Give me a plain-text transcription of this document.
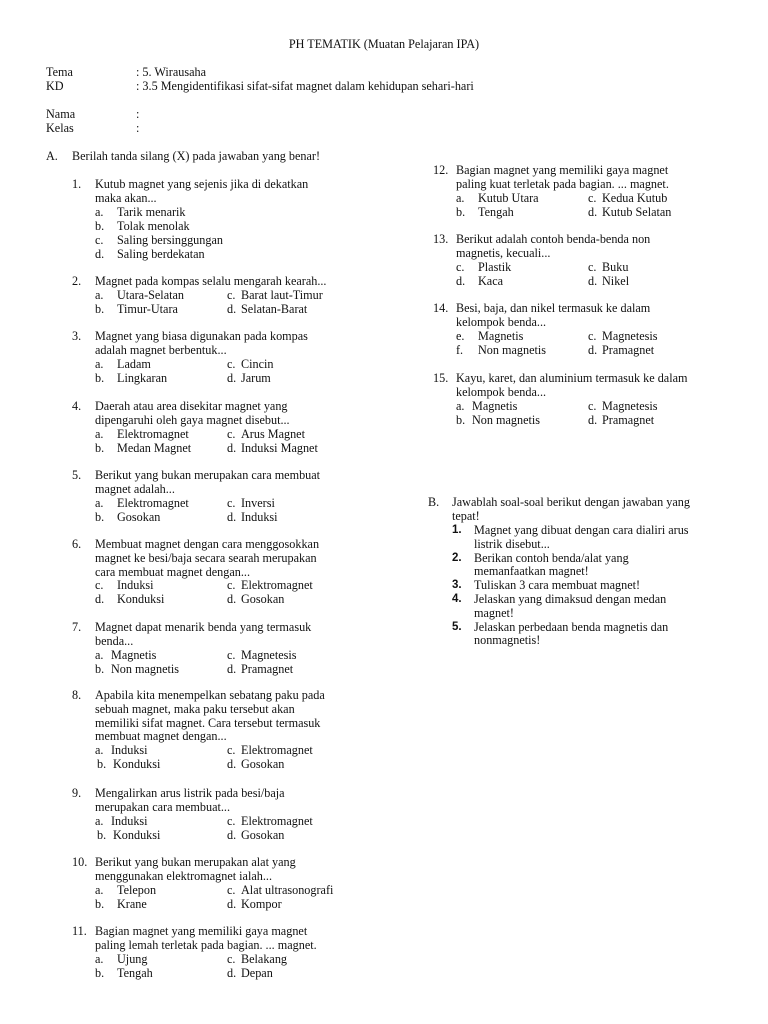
PH TEMATIK (Muatan Pelajaran IPA)
Tema	: 5. Wirausaha
KD	: 3.5 Mengidentifikasi sifat-sifat magnet dalam kehidupan sehari-hari
Nama	:
Kelas	:
A. Berilah tanda silang (X) pada jawaban yang benar!
1. Kutub magnet yang sejenis jika di dekatkan
maka akan...
a. Tarik menarik
b. Tolak menolak
c. Saling bersinggungan
d. Saling berdekatan
2. Magnet pada kompas selalu mengarah kearah...
a. Utara-Selatan	c. Barat laut-Timur
b. Timur-Utara	d. Selatan-Barat
3. Magnet yang biasa digunakan pada kompas
adalah magnet berbentuk...
a. Ladam	c. Cincin
b. Lingkaran	d. Jarum
4. Daerah atau area disekitar magnet yang
dipengaruhi oleh gaya magnet disebut...
a. Elektromagnet	c. Arus Magnet
b. Medan Magnet	d. Induksi Magnet
5. Berikut yang bukan merupakan cara membuat
magnet adalah...
a. Elektromagnet	c. Inversi
b. Gosokan	d. Induksi
6. Membuat magnet dengan cara menggosokkan
magnet ke besi/baja secara searah merupakan
cara membuat magnet dengan...
c. Induksi	c. Elektromagnet
d. Konduksi	d. Gosokan
7. Magnet dapat menarik benda yang termasuk
benda...
a. Magnetis	c. Magnetesis
b. Non magnetis	d. Pramagnet
8. Apabila kita menempelkan sebatang paku pada
sebuah magnet, maka paku tersebut akan
memiliki sifat magnet. Cara tersebut termasuk
membuat magnet dengan...
a. Induksi	c. Elektromagnet
b. Konduksi	d. Gosokan
9. Mengalirkan arus listrik pada besi/baja
merupakan cara membuat...
a. Induksi	c. Elektromagnet
b. Konduksi	d. Gosokan
10. Berikut yang bukan merupakan alat yang
menggunakan elektromagnet ialah...
a. Telepon	c. Alat ultrasonografi
b. Krane	d. Kompor
11. Bagian magnet yang memiliki gaya magnet
paling lemah terletak pada bagian. ... magnet.
a. Ujung	c. Belakang
b. Tengah	d. Depan
12. Bagian magnet yang memiliki gaya magnet
paling kuat terletak pada bagian. ... magnet.
a. Kutub Utara	c. Kedua Kutub
b. Tengah	d. Kutub Selatan
13. Berikut adalah contoh benda-benda non
magnetis, kecuali...
c. Plastik	c. Buku
d. Kaca	d. Nikel
14. Besi, baja, dan nikel termasuk ke dalam
kelompok benda...
e. Magnetis	c. Magnetesis
f. Non magnetis	d. Pramagnet
15. Kayu, karet, dan aluminium termasuk ke dalam
kelompok benda...
a. Magnetis	c. Magnetesis
b. Non magnetis	d. Pramagnet
B. Jawablah soal-soal berikut dengan jawaban yang
tepat!
1. Magnet yang dibuat dengan cara dialiri arus
listrik disebut...
2. Berikan contoh benda/alat yang
memanfaatkan magnet!
3. Tuliskan 3 cara membuat magnet!
4. Jelaskan yang dimaksud dengan medan
magnet!
5. Jelaskan perbedaan benda magnetis dan
nonmagnetis!
